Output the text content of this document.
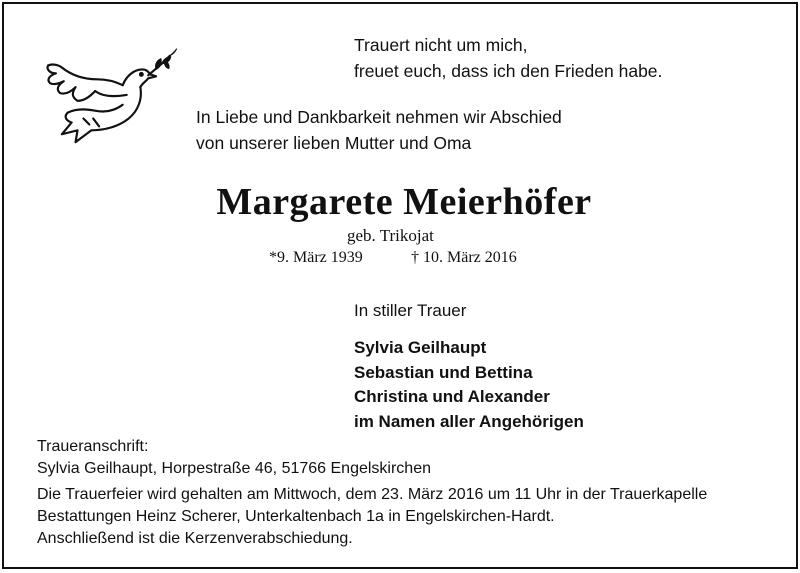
Trauert nicht um mich,
freuet euch, dass ich den Frieden habe.
In Liebe und Dankbarkeit nehmen wir Abschied
von unserer lieben Mutter und Oma
Margarete Meierhöfer
geb. Trikojat
*9. März 1939	† 10. März 2016
In stiller Trauer
Sylvia Geilhaupt
Sebastian und Bettina
Christina und Alexander
im Namen aller Angehörigen
Traueranschrift:
Sylvia Geilhaupt, Horpestraße 46, 51766 Engelskirchen
Die Trauerfeier wird gehalten am Mittwoch, dem 23. März 2016 um 11 Uhr in der Trauerkapelle
Bestattungen Heinz Scherer, Unterkaltenbach 1a in Engelskirchen-Hardt.
Anschließend ist die Kerzenverabschiedung.
